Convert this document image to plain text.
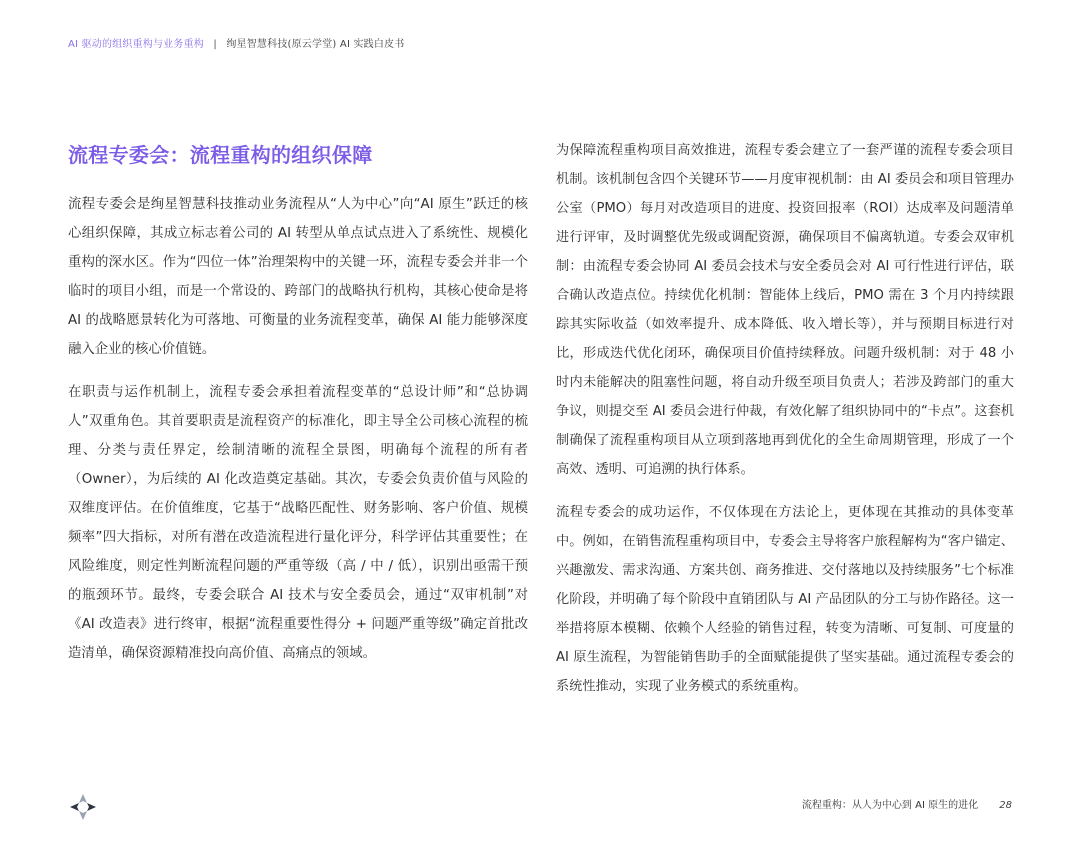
AI 驱动的组织重构与业务重构 | 绚星智慧科技(原云学堂) AI 实践白皮书
流程专委会：流程重构的组织保障

流程专委会是绚星智慧科技推动业务流程从“人为中心”向“AI 原生”跃迁的核心组织保障，其成立标志着公司的 AI 转型从单点试点进入了系统性、规模化重构的深水区。作为“四位一体”治理架构中的关键一环，流程专委会并非一个临时的项目小组，而是一个常设的、跨部门的战略执行机构，其核心使命是将 AI 的战略愿景转化为可落地、可衡量的业务流程变革，确保 AI 能力能够深度融入企业的核心价值链。

在职责与运作机制上，流程专委会承担着流程变革的“总设计师”和“总协调人”双重角色。其首要职责是流程资产的标准化，即主导全公司核心流程的梳理、分类与责任界定，绘制清晰的流程全景图，明确每个流程的所有者（Owner），为后续的 AI 化改造奠定基础。其次，专委会负责价值与风险的双维度评估。在价值维度，它基于“战略匹配性、财务影响、客户价值、规模频率”四大指标，对所有潜在改造流程进行量化评分，科学评估其重要性；在风险维度，则定性判断流程问题的严重等级（高 / 中 / 低），识别出亟需干预的瓶颈环节。最终，专委会联合 AI 技术与安全委员会，通过“双审机制”对《AI 改造表》进行终审，根据“流程重要性得分 + 问题严重等级”确定首批改造清单，确保资源精准投向高价值、高痛点的领域。

为保障流程重构项目高效推进，流程专委会建立了一套严谨的流程专委会项目机制。该机制包含四个关键环节——月度审视机制：由 AI 委员会和项目管理办公室（PMO）每月对改造项目的进度、投资回报率（ROI）达成率及问题清单进行评审，及时调整优先级或调配资源，确保项目不偏离轨道。专委会双审机制：由流程专委会协同 AI 委员会技术与安全委员会对 AI 可行性进行评估，联合确认改造点位。持续优化机制：智能体上线后，PMO 需在 3 个月内持续跟踪其实际收益（如效率提升、成本降低、收入增长等），并与预期目标进行对比，形成迭代优化闭环，确保项目价值持续释放。问题升级机制：对于 48 小时内未能解决的阻塞性问题，将自动升级至项目负责人；若涉及跨部门的重大争议，则提交至 AI 委员会进行仲裁，有效化解了组织协同中的“卡点”。这套机制确保了流程重构项目从立项到落地再到优化的全生命周期管理，形成了一个高效、透明、可追溯的执行体系。

流程专委会的成功运作，不仅体现在方法论上，更体现在其推动的具体变革中。例如，在销售流程重构项目中，专委会主导将客户旅程解构为“客户锚定、兴趣激发、需求沟通、方案共创、商务推进、交付落地以及持续服务”七个标准化阶段，并明确了每个阶段中直销团队与 AI 产品团队的分工与协作路径。这一举措将原本模糊、依赖个人经验的销售过程，转变为清晰、可复制、可度量的 AI 原生流程，为智能销售助手的全面赋能提供了坚实基础。通过流程专委会的系统性推动，实现了业务模式的系统重构。

流程重构：从人为中心到 AI 原生的进化 28
